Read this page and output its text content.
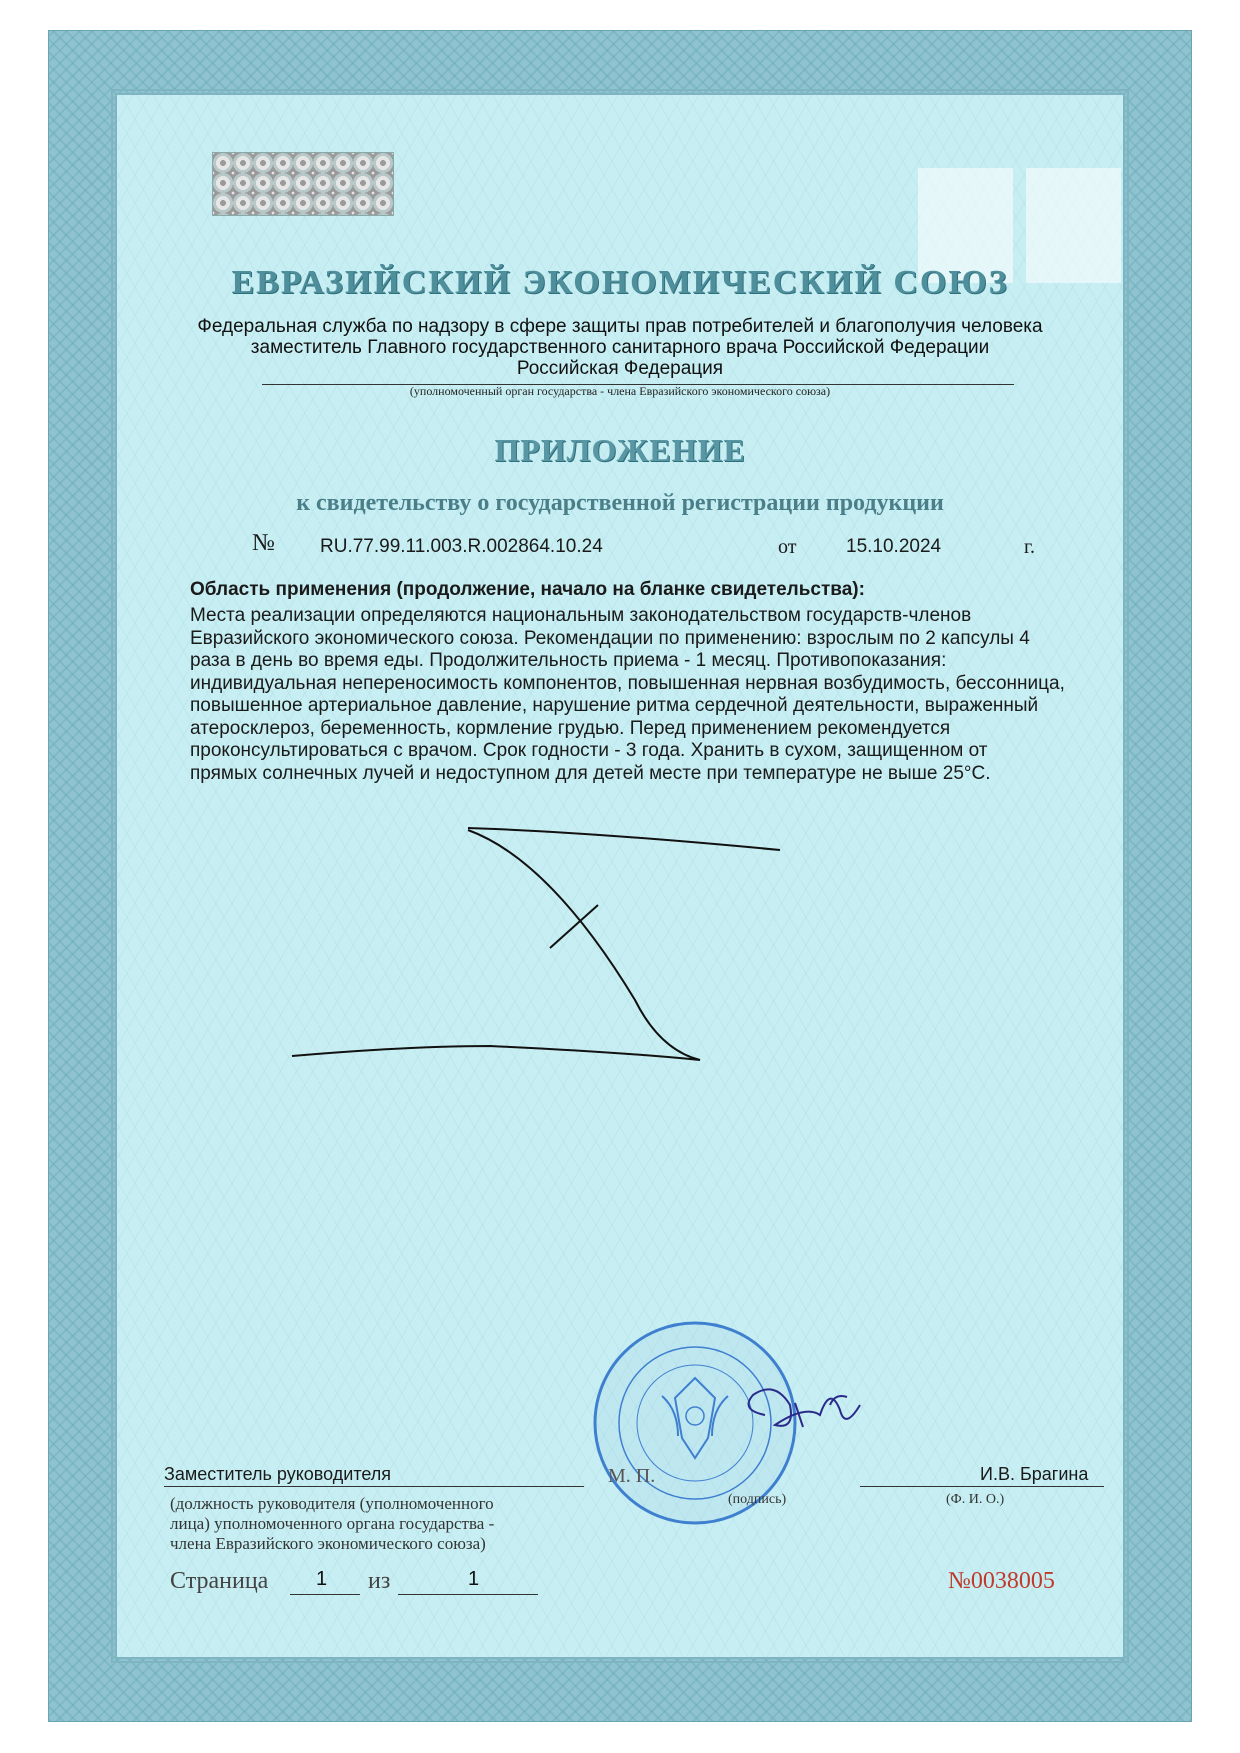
ЕВРАЗИЙСКИЙ ЭКОНОМИЧЕСКИЙ СОЮЗ
Федеральная служба по надзору в сфере защиты прав потребителей и благополучия человека
заместитель Главного государственного санитарного врача Российской Федерации
Российская Федерация
(уполномоченный орган государства - члена Евразийского экономического союза)
ПРИЛОЖЕНИЕ
к свидетельству о государственной регистрации продукции
№ RU.77.99.11.003.R.002864.10.24	от	15.10.2024	г.

Область применения (продолжение, начало на бланке свидетельства):

Места реализации определяются национальным законодательством государств-членов
Евразийского экономического союза. Рекомендации по применению: взрослым по 2 капсулы 4
раза в день во время еды. Продолжительность приема - 1 месяц. Противопоказания:
индивидуальная непереносимость компонентов, повышенная нервная возбудимость, бессонница,
повышенное артериальное давление, нарушение ритма сердечной деятельности, выраженный
атеросклероз, беременность, кормление грудью. Перед применением рекомендуется
проконсультироваться с врачом. Срок годности - 3 года. Хранить в сухом, защищенном от
прямых солнечных лучей и недоступном для детей месте при температуре не выше 25°С.
Заместитель руководителя	М. П.	И.В. Брагина
(подпись)	(Ф. И. О.)
(должность руководителя (уполномоченного
лица) уполномоченного органа государства -
члена Евразийского экономического союза)
Страница 1 из	1	№0038005
